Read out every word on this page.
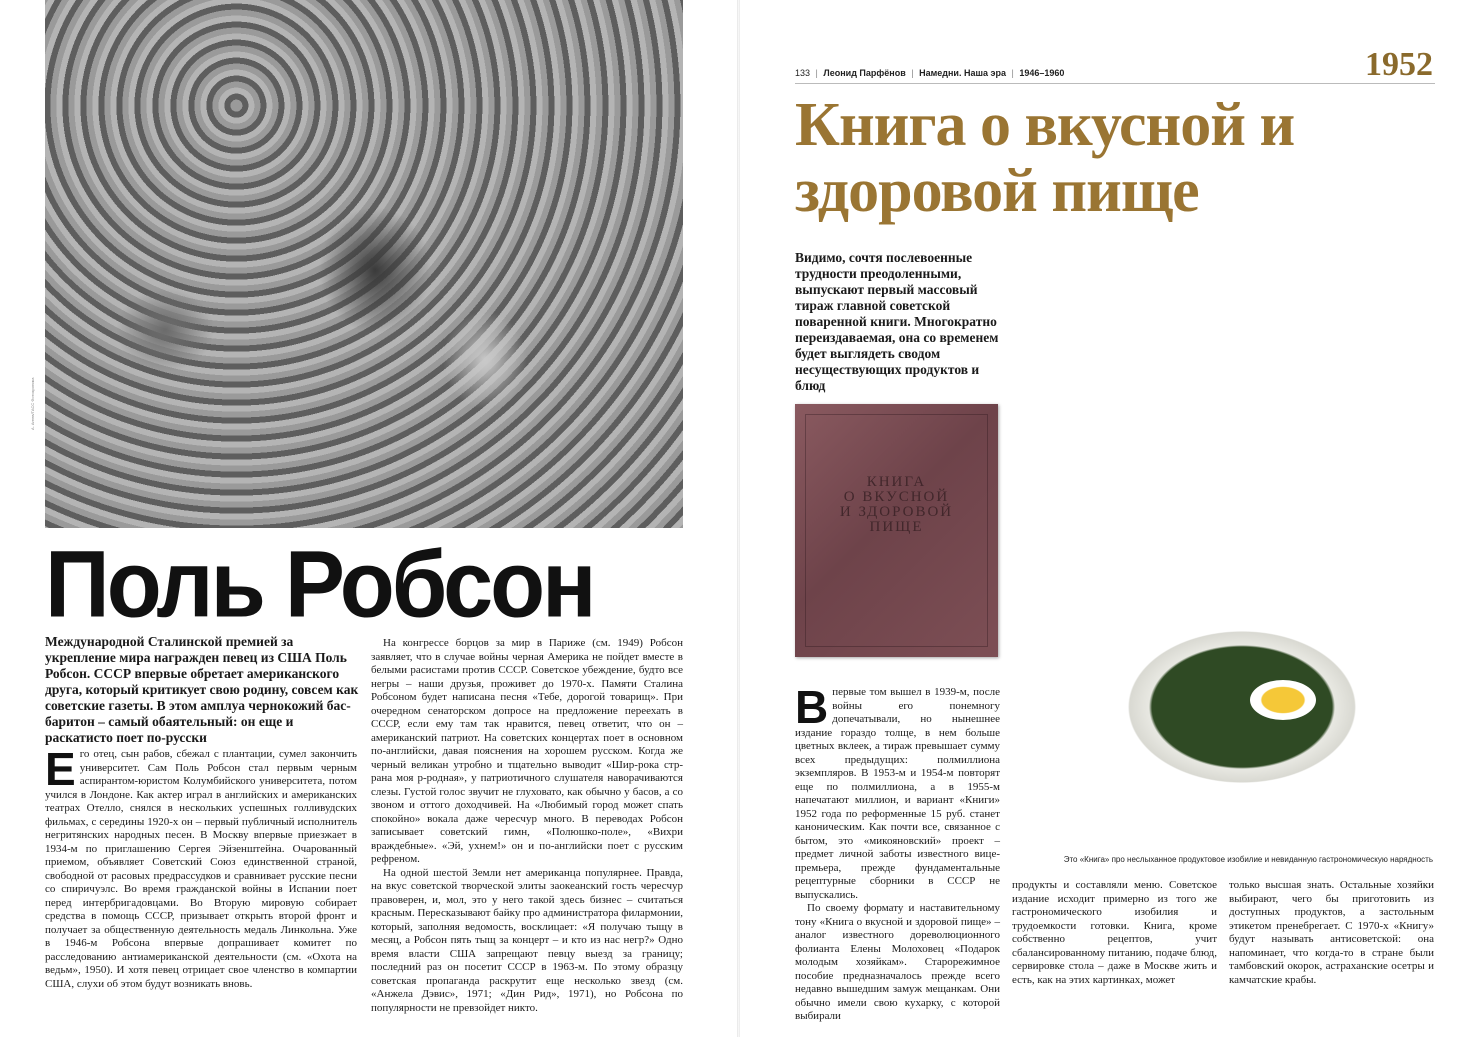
А. Агеев/ТАСС Фотохроника
Поль Робсон
Международной Сталинской премией за укрепление мира награжден певец из США Поль Робсон. СССР впервые обретает американского друга, который критикует свою родину, совсем как советские газеты. В этом амплуа чернокожий бас-баритон – самый обаятельный: он еще и раскатисто поет по-русски

Его отец, сын рабов, сбежал с плантации, сумел закончить университет. Сам Поль Робсон стал первым черным аспирантом-юристом Колумбийского университета, потом учился в Лондоне. Как актер играл в английских и американских театрах Отелло, снялся в нескольких успешных голливудских фильмах, с середины 1920-х он – первый публичный исполнитель негритянских народных песен. В Москву впервые приезжает в 1934-м по приглашению Сергея Эйзенштейна. Очарованный приемом, объявляет Советский Союз единственной страной, свободной от расовых предрассудков и сравнивает русские песни со спиричуэлс. Во время гражданской войны в Испании поет перед интербригадовцами. Во Вторую мировую собирает средства в помощь СССР, призывает открыть второй фронт и получает за общественную деятельность медаль Линкольна. Уже в 1946-м Робсона впервые допрашивает комитет по расследованию антиамериканской деятельности (см. «Охота на ведьм», 1950). И хотя певец отрицает свое членство в компартии США, слухи об этом будут возникать вновь.

На конгрессе борцов за мир в Париже (см. 1949) Робсон заявляет, что в случае войны черная Америка не пойдет вместе в белыми расистами против СССР. Советское убеждение, будто все негры – наши друзья, проживет до 1970-х. Памяти Сталина Робсоном будет написана песня «Тебе, дорогой товарищ». При очередном сенаторском допросе на предложение переехать в СССР, если ему там так нравится, певец ответит, что он – американский патриот. На советских концертах поет в основном по-английски, давая пояснения на хорошем русском. Когда же черный великан утробно и тщательно выводит «Шир-рока стр-рана моя р-родная», у патриотичного слушателя наворачиваются слезы. Густой голос звучит не глуховато, как обычно у басов, а со звоном и оттого доходчивей. На «Любимый город может спать спокойно» вокала даже чересчур много. В переводах Робсон записывает советский гимн, «Полюшко-поле», «Вихри враждебные». «Эй, ухнем!» он и по-английски поет с русским рефреном.

На одной шестой Земли нет американца популярнее. Правда, на вкус советской творческой элиты заокеанский гость чересчур правоверен, и, мол, это у него такой здесь бизнес – считаться красным. Пересказывают байку про администратора филармонии, который, заполняя ведомость, восклицает: «Я получаю тыщу в месяц, а Робсон пять тыщ за концерт – и кто из нас негр?» Одно время власти США запрещают певцу выезд за границу; последний раз он посетит СССР в 1963-м. По этому образцу советская пропаганда раскрутит еще несколько звезд (см. «Анжела Дэвис», 1971; «Дин Рид», 1971), но Робсона по популярности не превзойдет никто.

133 | Леонид Парфёнов | Намедни. Наша эра | 1946–1960	1952
Книга о вкусной и здоровой пище
Видимо, сочтя послевоенные трудности преодоленными, выпускают первый массовый тираж главной советской поваренной книги. Многократно переиздаваемая, она со временем будет выглядеть сводом несуществующих продуктов и блюд
КНИГА
О ВКУСНОЙ
И ЗДОРОВОЙ
ПИЩЕ
Это «Книга» про неслыханное продуктовое изобилие и невиданную гастрономическую нарядность

Впервые том вышел в 1939-м, после войны его понемногу допечатывали, но нынешнее издание гораздо толще, в нем больше цветных вклеек, а тираж превышает сумму всех предыдущих: полмиллиона экземпляров. В 1953-м и 1954-м повторят еще по полмиллиона, а в 1955-м напечатают миллион, и вариант «Книги» 1952 года по реформенные 15 руб. станет каноническим. Как почти все, связанное с бытом, это «микояновский» проект – предмет личной заботы известного вице-премьера, прежде фундаментальные рецептурные сборники в СССР не выпускались.

По своему формату и наставительному тону «Книга о вкусной и здоровой пище» – аналог известного дореволюционного фолианта Елены Молоховец «Подарок молодым хозяйкам». Старорежимное пособие предназначалось прежде всего недавно вышедшим замуж мещанкам. Они обычно имели свою кухарку, с которой выбирали

продукты и составляли меню. Советское издание исходит примерно из того же гастрономического изобилия и трудоемкости готовки. Книга, кроме собственно рецептов, учит сбалансированному питанию, подаче блюд, сервировке стола – даже в Москве жить и есть, как на этих картинках, может

только высшая знать. Остальные хозяйки выбирают, чего бы приготовить из доступных продуктов, а застольным этикетом пренебрегает. С 1970-х «Книгу» будут называть антисоветской: она напоминает, что когда-то в стране были тамбовский окорок, астраханские осетры и камчатские крабы.
